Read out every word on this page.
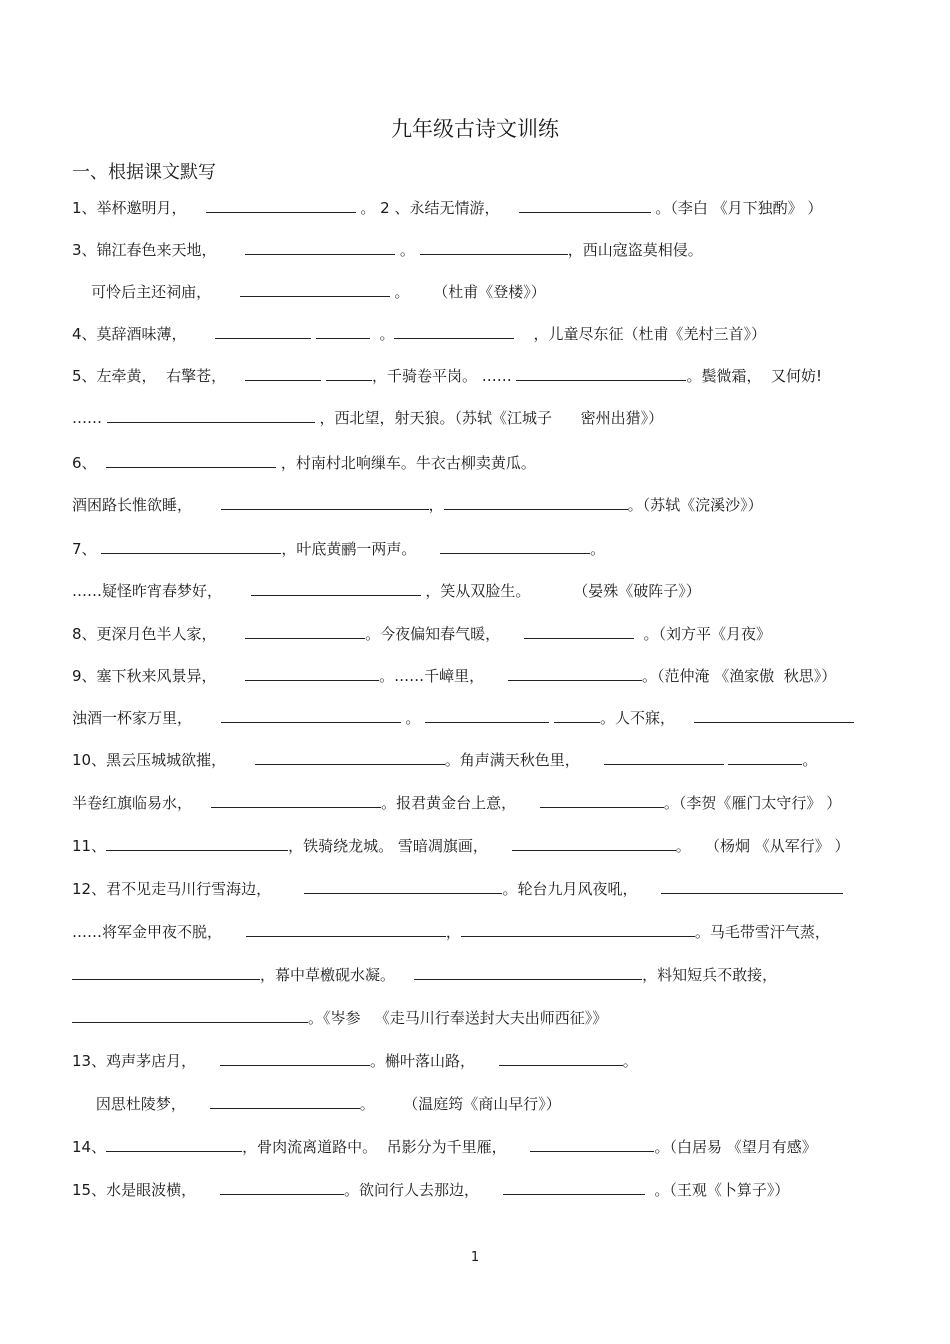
九年级古诗文训练
一、根据课文默写
1、举杯邀明月，	。 2 、永结无情游，	。（李白 《月下独酌》 ）
3、锦江春色来天地，	。	，西山寇盗莫相侵。
可怜后主还祠庙，	。     （杜甫《登楼》）
4、莫辞酒味薄，	。	，儿童尽东征（杜甫《羌村三首》）
5、左牵黄，  右擎苍，	，千骑卷平岗。 ……	。鬓微霜，  又何妨!
……	，西北望，射天狼。（苏轼《江城子      密州出猎》）
6、	，村南村北响缫车。牛衣古柳卖黄瓜。
酒困路长惟欲睡，	，	。（苏轼《浣溪沙》）
7、	，叶底黄鹂一两声。	。
……疑怪昨宵春梦好，	，笑从双脸生。         （晏殊《破阵子》）
8、更深月色半人家，	。今夜偏知春气暖，	。（刘方平《月夜》
9、塞下秋来风景异，	。……千嶂里，	。（范仲淹 《渔家傲  秋思》）
浊酒一杯家万里，	。	。人不寐，
10、黑云压城城欲摧，	。角声满天秋色里，	。
半卷红旗临易水，	。报君黄金台上意，	。（李贺《雁门太守行》 ）
11、	，铁骑绕龙城。 雪暗凋旗画，	。   （杨炯 《从军行》 ）
12、君不见走马川行雪海边，	。轮台九月风夜吼，
……将军金甲夜不脱，	，	。马毛带雪汗气蒸，
，幕中草檄砚水凝。	，料知短兵不敢接，
。《岑参   《走马川行奉送封大夫出师西征》》
13、鸡声茅店月，	。槲叶落山路，	。
因思杜陵梦，	。      （温庭筠《商山早行》）
14、	，骨肉流离道路中。  吊影分为千里雁，	。（白居易 《望月有感》
15、水是眼波横，	。欲问行人去那边，	。（王观《卜算子》）
1
